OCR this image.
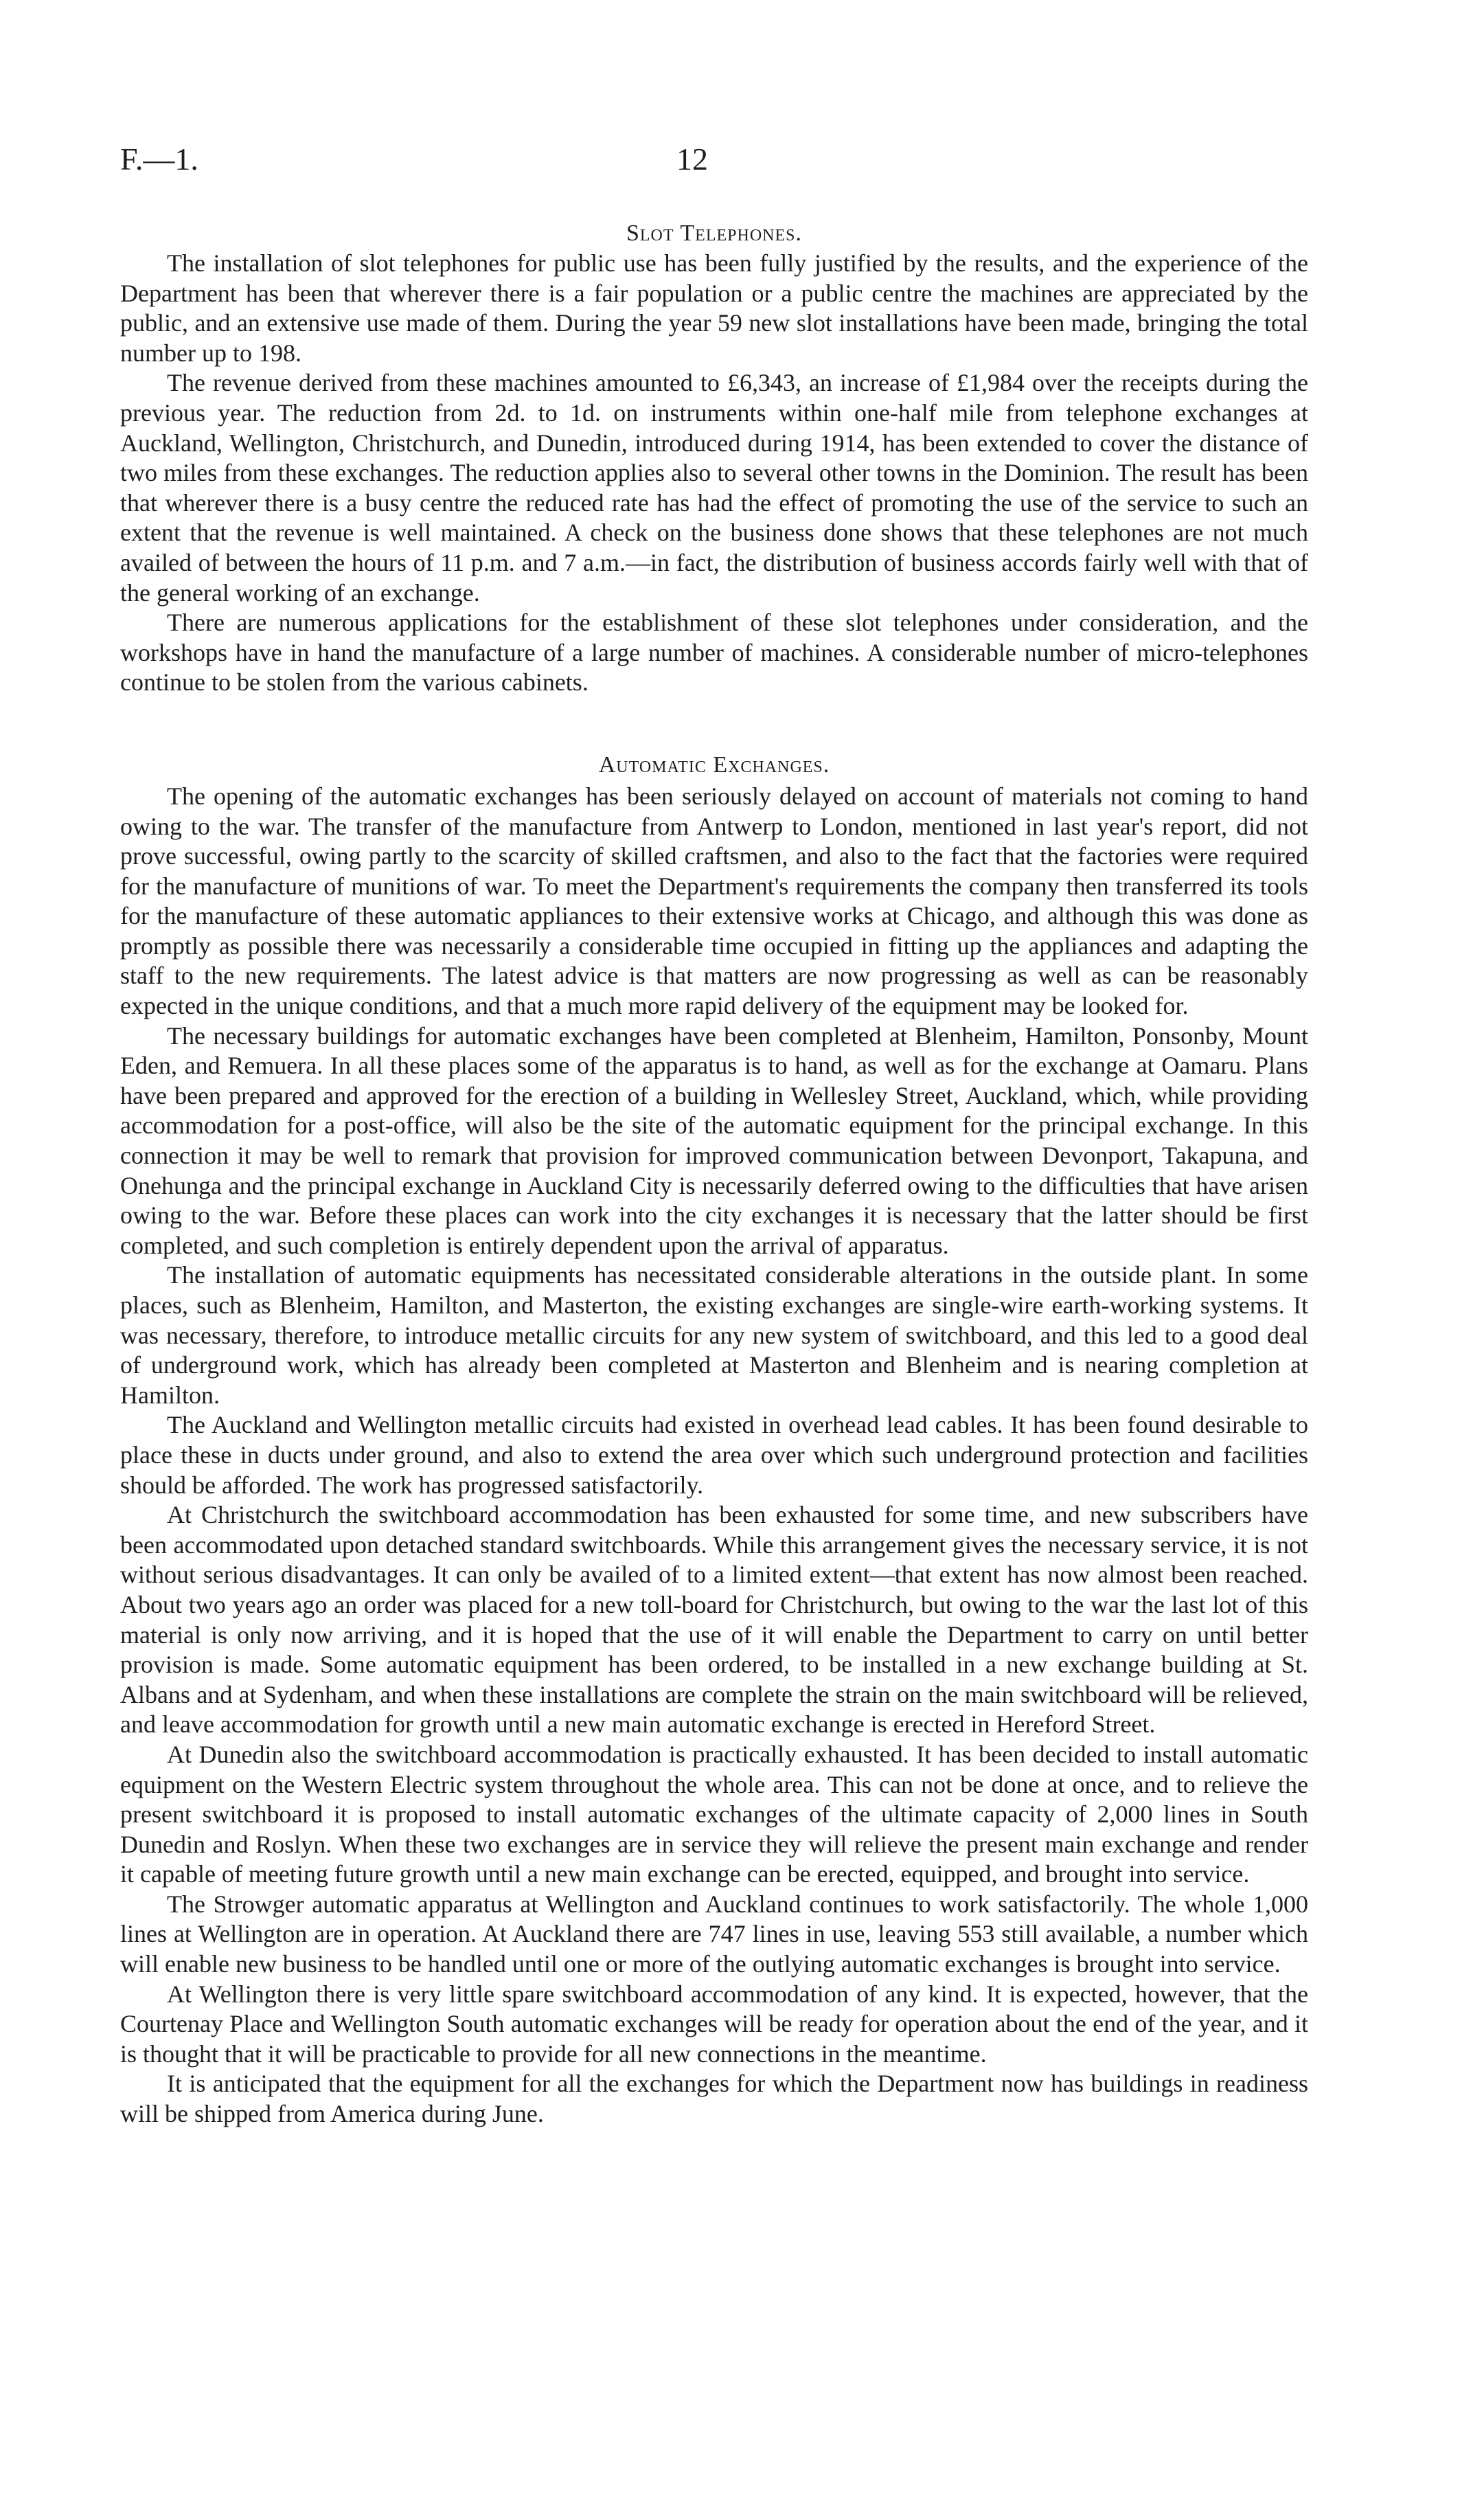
F.—1.	12
Slot Telephones.

The installation of slot telephones for public use has been fully justified by the results, and the experience of the Department has been that wherever there is a fair population or a public centre the machines are appreciated by the public, and an extensive use made of them. During the year 59 new slot installations have been made, bringing the total number up to 198.

The revenue derived from these machines amounted to £6,343, an increase of £1,984 over the receipts during the previous year. The reduction from 2d. to 1d. on instruments within one-half mile from telephone exchanges at Auckland, Wellington, Christchurch, and Dunedin, introduced during 1914, has been extended to cover the distance of two miles from these exchanges. The reduction applies also to several other towns in the Dominion. The result has been that wherever there is a busy centre the reduced rate has had the effect of promoting the use of the service to such an extent that the revenue is well maintained. A check on the business done shows that these telephones are not much availed of between the hours of 11 p.m. and 7 a.m.—in fact, the distribution of business accords fairly well with that of the general working of an exchange.

There are numerous applications for the establishment of these slot telephones under consideration, and the workshops have in hand the manufacture of a large number of machines. A considerable number of micro-telephones continue to be stolen from the various cabinets.

Automatic Exchanges.

The opening of the automatic exchanges has been seriously delayed on account of materials not coming to hand owing to the war. The transfer of the manufacture from Antwerp to London, mentioned in last year's report, did not prove successful, owing partly to the scarcity of skilled craftsmen, and also to the fact that the factories were required for the manufacture of munitions of war. To meet the Department's requirements the company then transferred its tools for the manufacture of these automatic appliances to their extensive works at Chicago, and although this was done as promptly as possible there was necessarily a considerable time occupied in fitting up the appliances and adapting the staff to the new requirements. The latest advice is that matters are now progressing as well as can be reasonably expected in the unique conditions, and that a much more rapid delivery of the equipment may be looked for.

The necessary buildings for automatic exchanges have been completed at Blenheim, Hamilton, Ponsonby, Mount Eden, and Remuera. In all these places some of the apparatus is to hand, as well as for the exchange at Oamaru. Plans have been prepared and approved for the erection of a building in Wellesley Street, Auckland, which, while providing accommodation for a post-office, will also be the site of the automatic equipment for the principal exchange. In this connection it may be well to remark that provision for improved communication between Devonport, Takapuna, and Onehunga and the principal exchange in Auckland City is necessarily deferred owing to the difficulties that have arisen owing to the war. Before these places can work into the city exchanges it is necessary that the latter should be first completed, and such completion is entirely dependent upon the arrival of apparatus.

The installation of automatic equipments has necessitated considerable alterations in the outside plant. In some places, such as Blenheim, Hamilton, and Masterton, the existing exchanges are single-wire earth-working systems. It was necessary, therefore, to introduce metallic circuits for any new system of switchboard, and this led to a good deal of underground work, which has already been completed at Masterton and Blenheim and is nearing completion at Hamilton.

The Auckland and Wellington metallic circuits had existed in overhead lead cables. It has been found desirable to place these in ducts under ground, and also to extend the area over which such underground protection and facilities should be afforded. The work has progressed satisfactorily.

At Christchurch the switchboard accommodation has been exhausted for some time, and new subscribers have been accommodated upon detached standard switchboards. While this arrangement gives the necessary service, it is not without serious disadvantages. It can only be availed of to a limited extent—that extent has now almost been reached. About two years ago an order was placed for a new toll-board for Christchurch, but owing to the war the last lot of this material is only now arriving, and it is hoped that the use of it will enable the Department to carry on until better provision is made. Some automatic equipment has been ordered, to be installed in a new exchange building at St. Albans and at Sydenham, and when these installations are complete the strain on the main switchboard will be relieved, and leave accommodation for growth until a new main automatic exchange is erected in Hereford Street.

At Dunedin also the switchboard accommodation is practically exhausted. It has been decided to install automatic equipment on the Western Electric system throughout the whole area. This can not be done at once, and to relieve the present switchboard it is proposed to install automatic exchanges of the ultimate capacity of 2,000 lines in South Dunedin and Roslyn. When these two exchanges are in service they will relieve the present main exchange and render it capable of meeting future growth until a new main exchange can be erected, equipped, and brought into service.

The Strowger automatic apparatus at Wellington and Auckland continues to work satisfactorily. The whole 1,000 lines at Wellington are in operation. At Auckland there are 747 lines in use, leaving 553 still available, a number which will enable new business to be handled until one or more of the outlying automatic exchanges is brought into service.

At Wellington there is very little spare switchboard accommodation of any kind. It is expected, however, that the Courtenay Place and Wellington South automatic exchanges will be ready for operation about the end of the year, and it is thought that it will be practicable to provide for all new connections in the meantime.

It is anticipated that the equipment for all the exchanges for which the Department now has buildings in readiness will be shipped from America during June.
